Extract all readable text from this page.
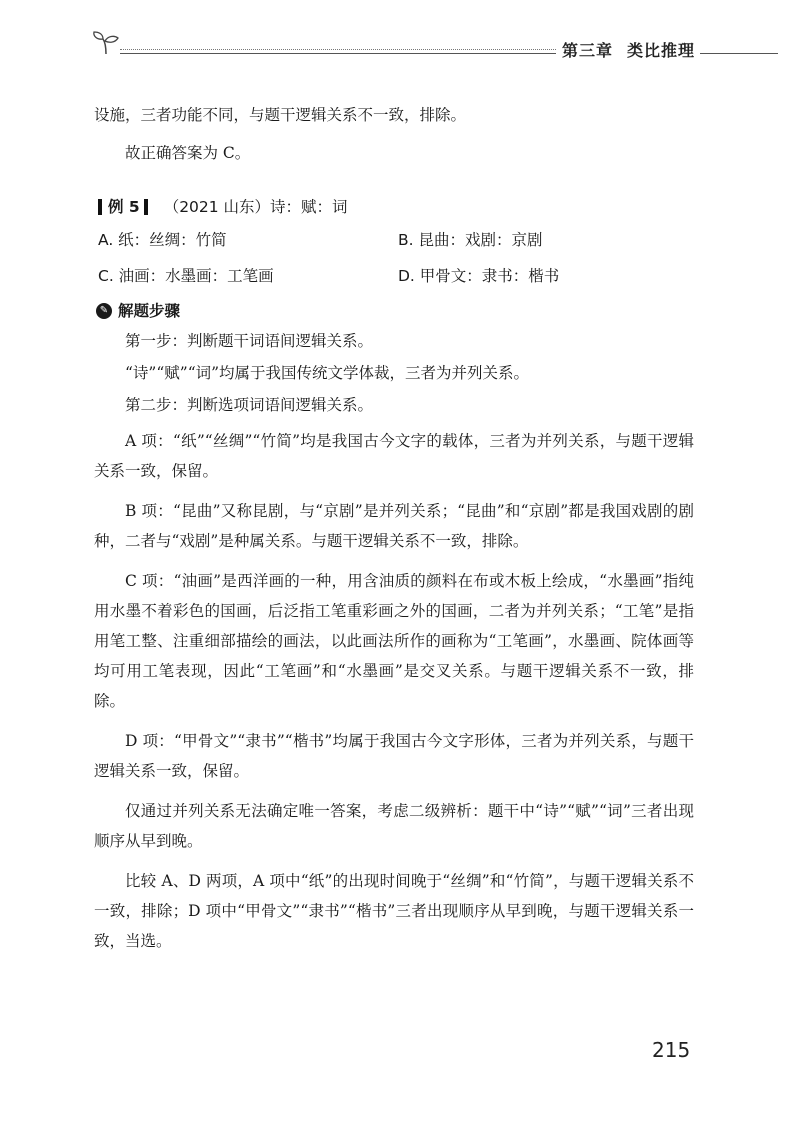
第三章 类比推理

设施，三者功能不同，与题干逻辑关系不一致，排除。

故正确答案为 C。

例 5 （2021 山东）诗：赋：词
A. 纸：丝绸：竹简	B. 昆曲：戏剧：京剧
C. 油画：水墨画：工笔画	D. 甲骨文：隶书：楷书
✎ 解题步骤

第一步：判断题干词语间逻辑关系。

“诗”“赋”“词”均属于我国传统文学体裁，三者为并列关系。

第二步：判断选项词语间逻辑关系。

A 项：“纸”“丝绸”“竹简”均是我国古今文字的载体，三者为并列关系，与题干逻辑关系一致，保留。

B 项：“昆曲”又称昆剧，与“京剧”是并列关系；“昆曲”和“京剧”都是我国戏剧的剧种，二者与“戏剧”是种属关系。与题干逻辑关系不一致，排除。

C 项：“油画”是西洋画的一种，用含油质的颜料在布或木板上绘成，“水墨画”指纯用水墨不着彩色的国画，后泛指工笔重彩画之外的国画，二者为并列关系；“工笔”是指用笔工整、注重细部描绘的画法，以此画法所作的画称为“工笔画”，水墨画、院体画等均可用工笔表现，因此“工笔画”和“水墨画”是交叉关系。与题干逻辑关系不一致，排除。

D 项：“甲骨文”“隶书”“楷书”均属于我国古今文字形体，三者为并列关系，与题干逻辑关系一致，保留。

仅通过并列关系无法确定唯一答案，考虑二级辨析：题干中“诗”“赋”“词”三者出现顺序从早到晚。

比较 A、D 两项，A 项中“纸”的出现时间晚于“丝绸”和“竹简”，与题干逻辑关系不一致，排除；D 项中“甲骨文”“隶书”“楷书”三者出现顺序从早到晚，与题干逻辑关系一致，当选。

215
